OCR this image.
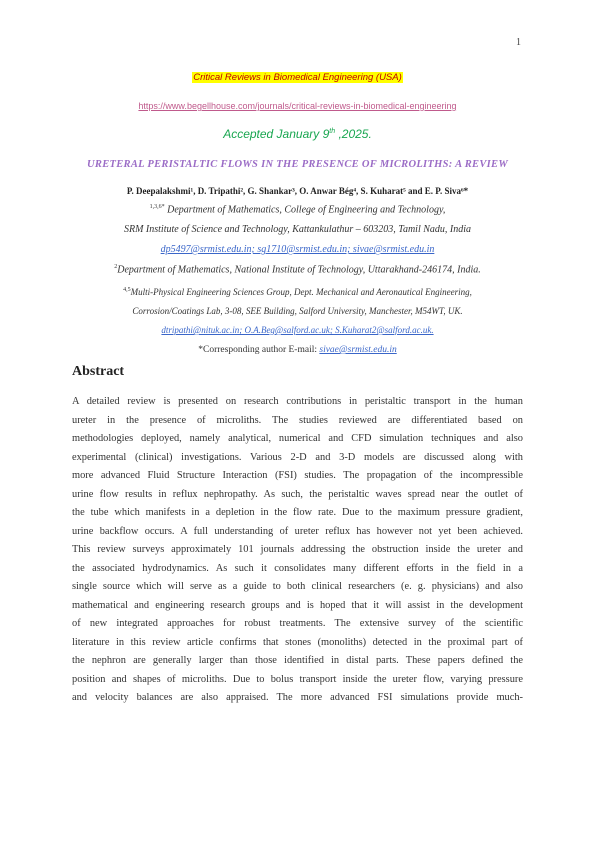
1
Critical Reviews in Biomedical Engineering (USA)
https://www.begellhouse.com/journals/critical-reviews-in-biomedical-engineering
Accepted January 9th ,2025.
URETERAL PERISTALTIC FLOWS IN THE PRESENCE OF MICROLITHS: A REVIEW
P. Deepalakshmi¹, D. Tripathi², G. Shankar³, O. Anwar Bég⁴, S. Kuharat⁵ and E. P. Siva⁶*
$^{1,3,6*}$ Department of Mathematics, College of Engineering and Technology,
SRM Institute of Science and Technology, Kattankulathur – 603203, Tamil Nadu, India
dp5497@srmist.edu.in; sg1710@srmist.edu.in; sivae@srmist.edu.in
$^2$Department of Mathematics, National Institute of Technology, Uttarakhand-246174, India.
$^{4,5}$Multi-Physical Engineering Sciences Group, Dept. Mechanical and Aeronautical Engineering,
Corrosion/Coatings Lab, 3-08, SEE Building, Salford University, Manchester, M54WT, UK.
dtripathi@nituk.ac.in; O.A.Beg@salford.ac.uk; S.Kuharat2@salford.ac.uk.
*Corresponding author E-mail: sivae@srmist.edu.in
Abstract
A detailed review is presented on research contributions in peristaltic transport in the human
ureter in the presence of microliths. The studies reviewed are differentiated based on
methodologies deployed, namely analytical, numerical and CFD simulation techniques and also
experimental (clinical) investigations. Various 2-D and 3-D models are discussed along with
more advanced Fluid Structure Interaction (FSI) studies. The propagation of the incompressible
urine flow results in reflux nephropathy. As such, the peristaltic waves spread near the outlet of
the tube which manifests in a depletion in the flow rate. Due to the maximum pressure gradient,
urine backflow occurs. A full understanding of ureter reflux has however not yet been achieved.
This review surveys approximately 101 journals addressing the obstruction inside the ureter and
the associated hydrodynamics. As such it consolidates many different efforts in the field in a
single source which will serve as a guide to both clinical researchers (e. g. physicians) and also
mathematical and engineering research groups and is hoped that it will assist in the development
of new integrated approaches for robust treatments. The extensive survey of the scientific
literature in this review article confirms that stones (monoliths) detected in the proximal part of
the nephron are generally larger than those identified in distal parts. These papers defined the
position and shapes of microliths. Due to bolus transport inside the ureter flow, varying pressure
and velocity balances are also appraised. The more advanced FSI simulations provide much-
